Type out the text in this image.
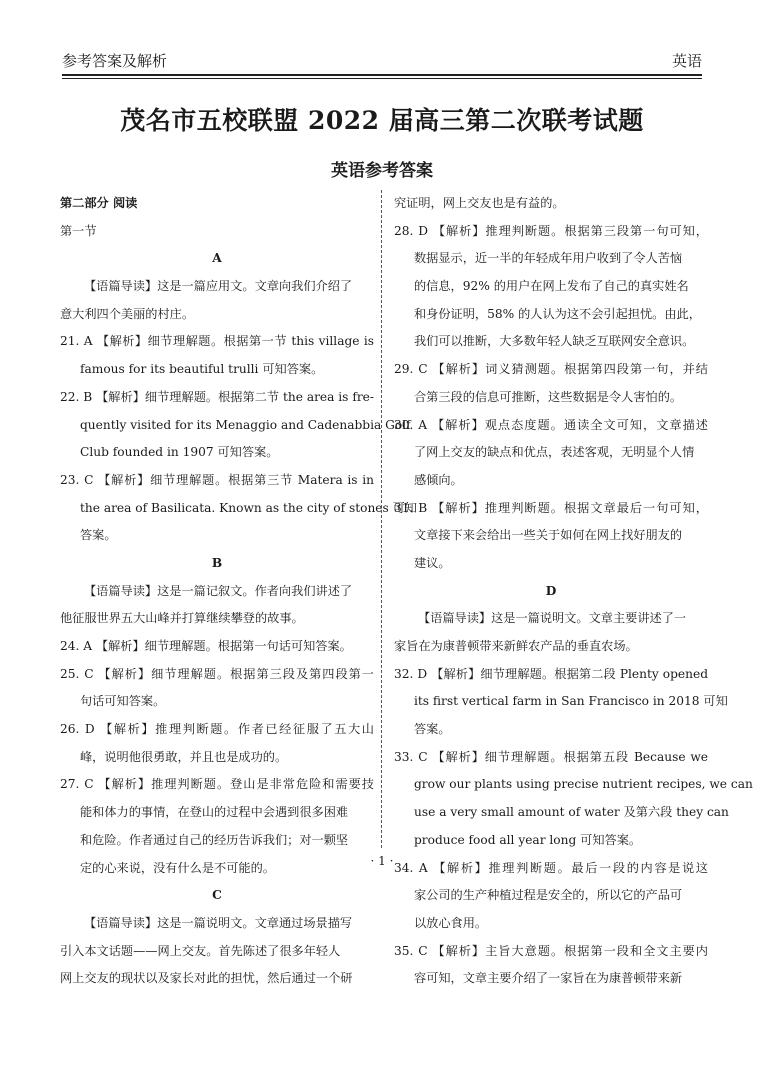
参考答案及解析	英语
茂名市五校联盟 2022 届高三第二次联考试题
英语参考答案
第二部分 阅读
第一节
A
【语篇导读】这是一篇应用文。文章向我们介绍了
意大利四个美丽的村庄。
21. A 【解析】细节理解题。根据第一节 this village is
famous for its beautiful trulli 可知答案。
22. B 【解析】细节理解题。根据第二节 the area is fre-
quently visited for its Menaggio and Cadenabbia Golf
Club founded in 1907 可知答案。
23. C 【解析】细节理解题。根据第三节 Matera is in
the area of Basilicata. Known as the city of stones 可知
答案。
B
【语篇导读】这是一篇记叙文。作者向我们讲述了
他征服世界五大山峰并打算继续攀登的故事。
24. A 【解析】细节理解题。根据第一句话可知答案。
25. C 【解析】细节理解题。根据第三段及第四段第一
句话可知答案。
26. D 【解析】推理判断题。作者已经征服了五大山
峰，说明他很勇敢，并且也是成功的。
27. C 【解析】推理判断题。登山是非常危险和需要技
能和体力的事情，在登山的过程中会遇到很多困难
和危险。作者通过自己的经历告诉我们；对一颗坚
定的心来说，没有什么是不可能的。
C
【语篇导读】这是一篇说明文。文章通过场景描写
引入本文话题——网上交友。首先陈述了很多年轻人
网上交友的现状以及家长对此的担忧，然后通过一个研
究证明，网上交友也是有益的。
28. D 【解析】推理判断题。根据第三段第一句可知，
数据显示，近一半的年轻成年用户收到了令人苦恼
的信息，92% 的用户在网上发布了自己的真实姓名
和身份证明，58% 的人认为这不会引起担忧。由此，
我们可以推断，大多数年轻人缺乏互联网安全意识。
29. C 【解析】词义猜测题。根据第四段第一句，并结
合第三段的信息可推断，这些数据是令人害怕的。
30. A 【解析】观点态度题。通读全文可知，文章描述
了网上交友的缺点和优点，表述客观，无明显个人情
感倾向。
31. B 【解析】推理判断题。根据文章最后一句可知，
文章接下来会给出一些关于如何在网上找好朋友的
建议。
D
【语篇导读】这是一篇说明文。文章主要讲述了一
家旨在为康普顿带来新鲜农产品的垂直农场。
32. D 【解析】细节理解题。根据第二段 Plenty opened
its first vertical farm in San Francisco in 2018 可知
答案。
33. C 【解析】细节理解题。根据第五段 Because we
grow our plants using precise nutrient recipes, we can
use a very small amount of water 及第六段 they can
produce food all year long 可知答案。
34. A 【解析】推理判断题。最后一段的内容是说这
家公司的生产种植过程是安全的，所以它的产品可
以放心食用。
35. C 【解析】主旨大意题。根据第一段和全文主要内
容可知，文章主要介绍了一家旨在为康普顿带来新
· 1 ·
